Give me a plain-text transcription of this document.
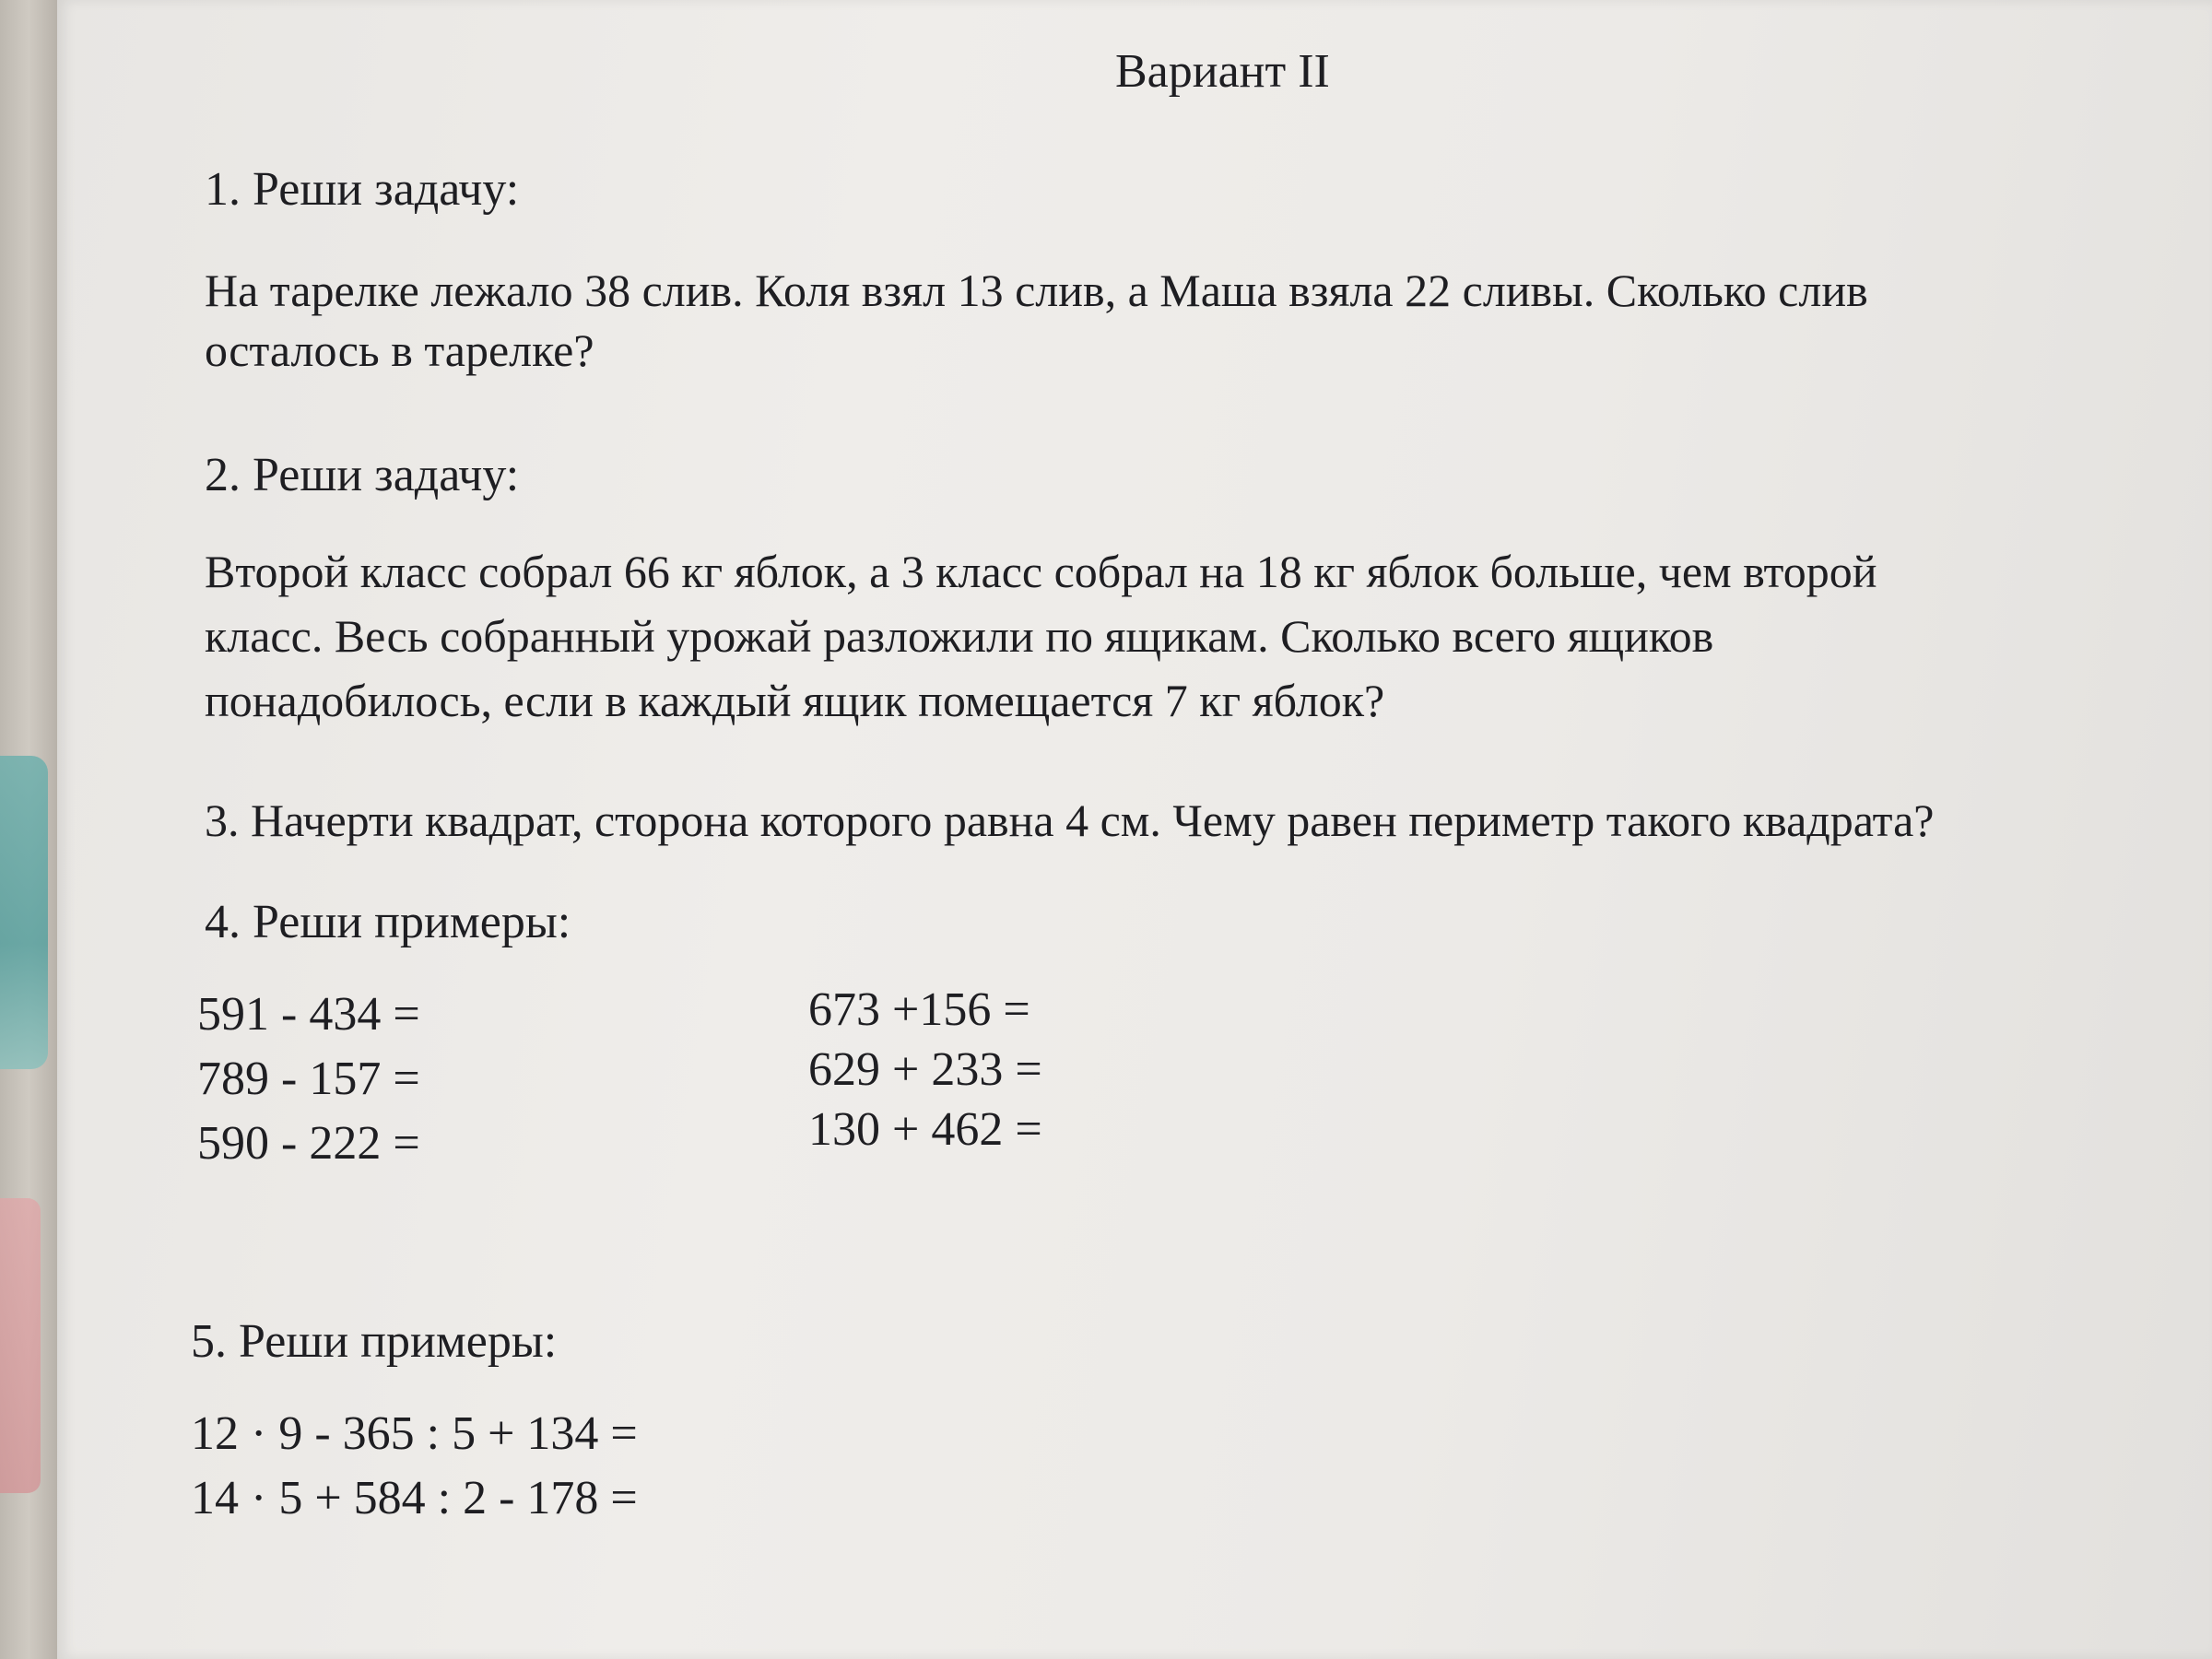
Вариант II
1. Реши задачу:
На тарелке лежало 38 слив. Коля взял 13 слив, а Маша взяла 22 сливы. Сколько слив
осталось в тарелке?
2. Реши задачу:
Второй класс собрал 66 кг яблок, а 3 класс собрал на 18 кг яблок больше, чем второй
класс. Весь собранный урожай разложили по ящикам. Сколько всего ящиков
понадобилось, если в каждый ящик помещается 7 кг яблок?
3. Начерти квадрат, сторона которого равна 4 см. Чему равен периметр такого квадрата?
4. Реши примеры:
591 - 434 =
789 - 157 =
590 - 222 =
673 +156 =
629 + 233 =
130 + 462 =
5. Реши примеры:
12 · 9 - 365 : 5 + 134 =
14 · 5 + 584 : 2 - 178 =
